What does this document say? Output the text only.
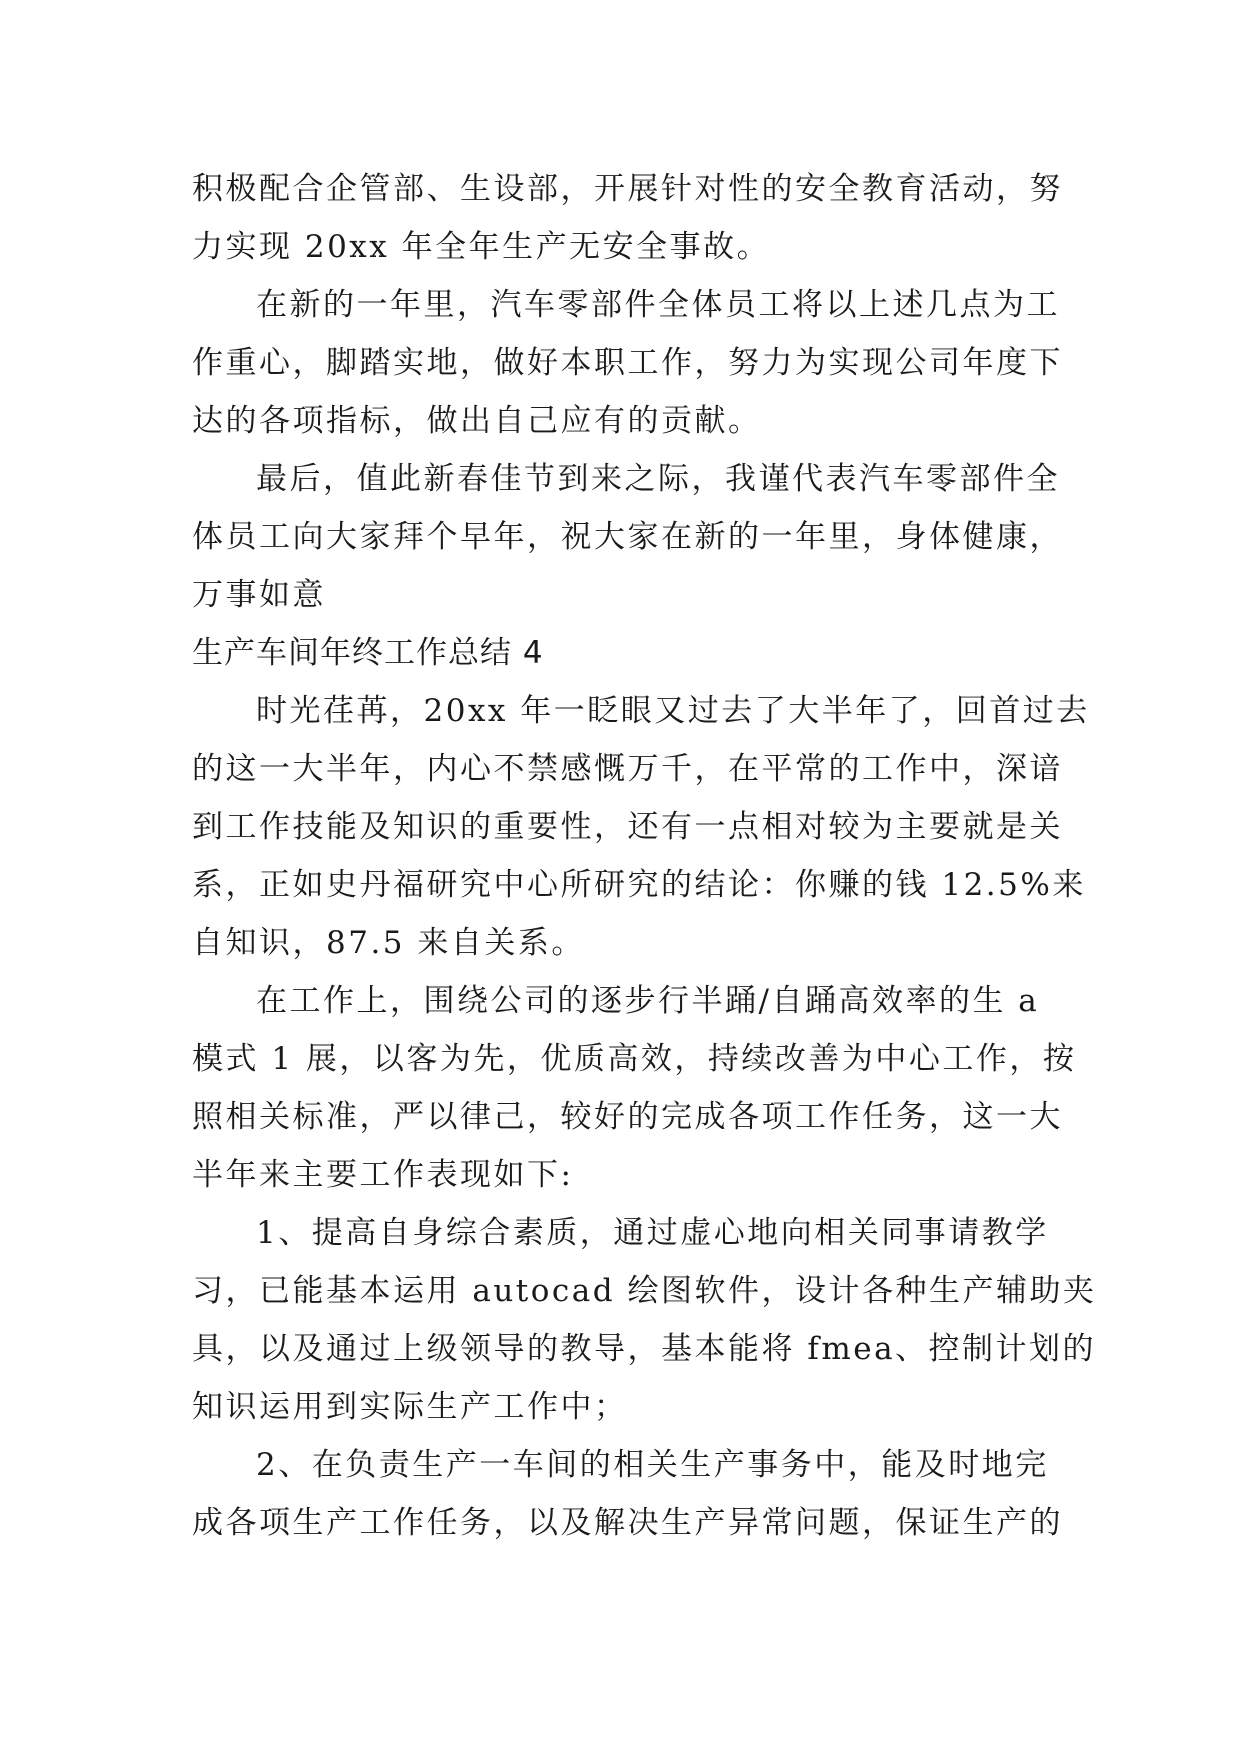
积极配合企管部、生设部，开展针对性的安全教育活动，努
力实现 20xx 年全年生产无安全事故。
在新的一年里，汽车零部件全体员工将以上述几点为工
作重心，脚踏实地，做好本职工作，努力为实现公司年度下
达的各项指标，做出自己应有的贡献。
最后，值此新春佳节到来之际，我谨代表汽车零部件全
体员工向大家拜个早年，祝大家在新的一年里，身体健康，
万事如意
生产车间年终工作总结 4
时光荏苒，20xx 年一眨眼又过去了大半年了，回首过去
的这一大半年，内心不禁感慨万千，在平常的工作中，深谙
到工作技能及知识的重要性，还有一点相对较为主要就是关
系，正如史丹福研究中心所研究的结论：你赚的钱 12.5%来
自知识，87.5 来自关系。
在工作上，围绕公司的逐步行半踊/自踊高效率的生 a
模式 1 展，以客为先，优质高效，持续改善为中心工作，按
照相关标准，严以律己，较好的完成各项工作任务，这一大
半年来主要工作表现如下:
1、提高自身综合素质，通过虚心地向相关同事请教学
习，已能基本运用 autocad 绘图软件，设计各种生产辅助夹
具，以及通过上级领导的教导，基本能将 fmea、控制计划的
知识运用到实际生产工作中；
2、在负责生产一车间的相关生产事务中，能及时地完
成各项生产工作任务，以及解决生产异常问题，保证生产的
